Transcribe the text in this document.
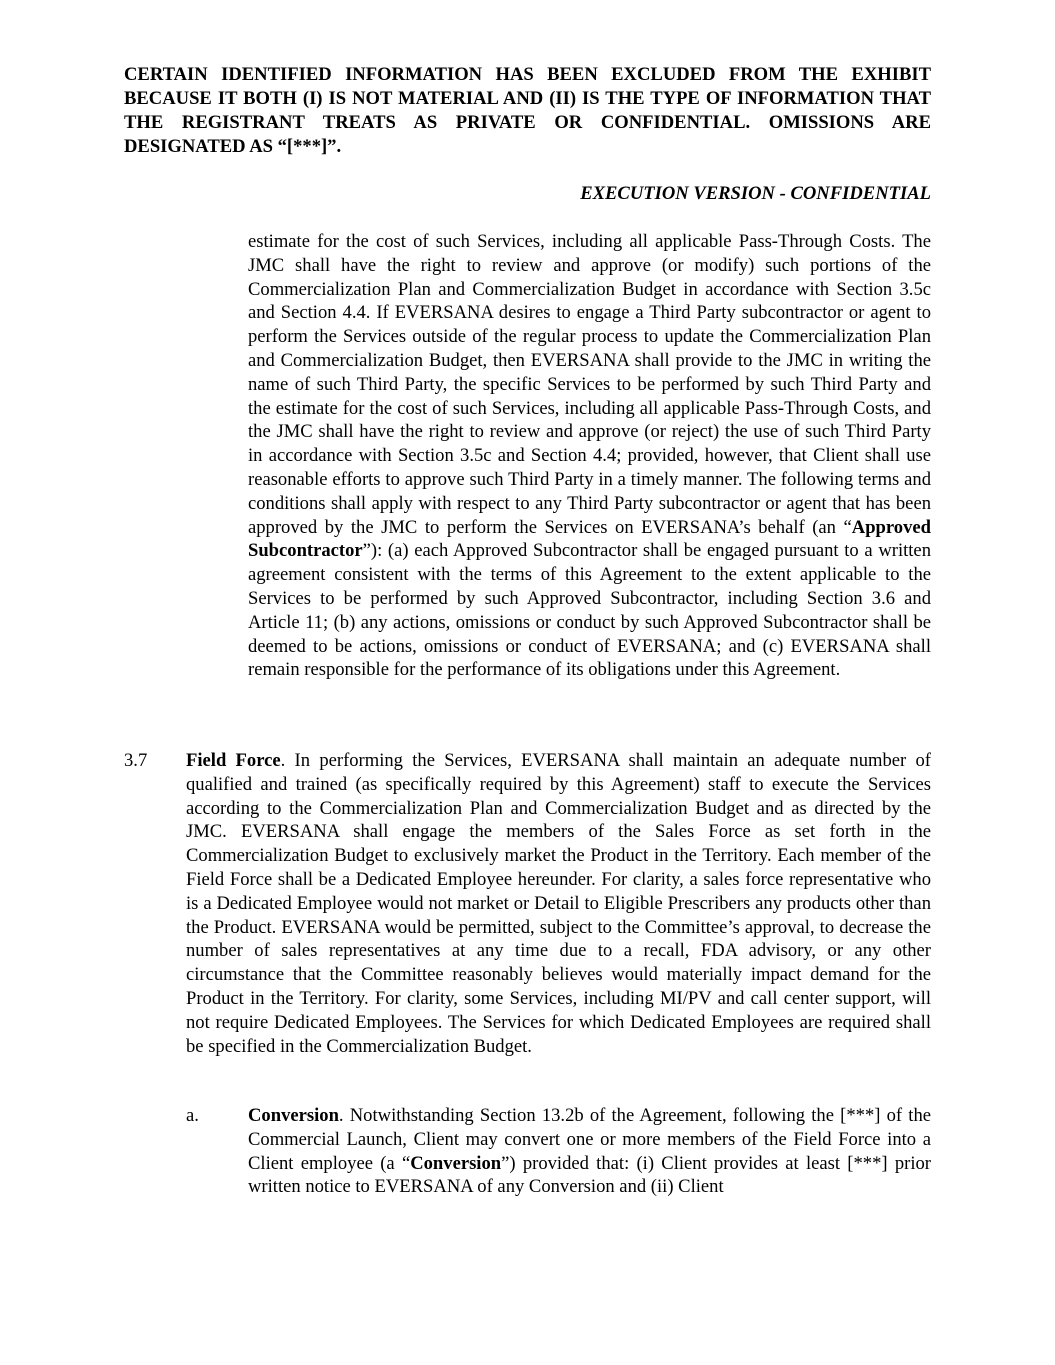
CERTAIN IDENTIFIED INFORMATION HAS BEEN EXCLUDED FROM THE EXHIBIT BECAUSE IT BOTH (I) IS NOT MATERIAL AND (II) IS THE TYPE OF INFORMATION THAT THE REGISTRANT TREATS AS PRIVATE OR CONFIDENTIAL. OMISSIONS ARE DESIGNATED AS “[***]”.
EXECUTION VERSION - CONFIDENTIAL

estimate for the cost of such Services, including all applicable Pass-Through Costs. The JMC shall have the right to review and approve (or modify) such portions of the Commercialization Plan and Commercialization Budget in accordance with Section 3.5c and Section 4.4. If EVERSANA desires to engage a Third Party subcontractor or agent to perform the Services outside of the regular process to update the Commercialization Plan and Commercialization Budget, then EVERSANA shall provide to the JMC in writing the name of such Third Party, the specific Services to be performed by such Third Party and the estimate for the cost of such Services, including all applicable Pass-Through Costs, and the JMC shall have the right to review and approve (or reject) the use of such Third Party in accordance with Section 3.5c and Section 4.4; provided, however, that Client shall use reasonable efforts to approve such Third Party in a timely manner. The following terms and conditions shall apply with respect to any Third Party subcontractor or agent that has been approved by the JMC to perform the Services on EVERSANA’s behalf (an “Approved Subcontractor”): (a) each Approved Subcontractor shall be engaged pursuant to a written agreement consistent with the terms of this Agreement to the extent applicable to the Services to be performed by such Approved Subcontractor, including Section 3.6 and Article 11; (b) any actions, omissions or conduct by such Approved Subcontractor shall be deemed to be actions, omissions or conduct of EVERSANA; and (c) EVERSANA shall remain responsible for the performance of its obligations under this Agreement.

3.7 Field Force. In performing the Services, EVERSANA shall maintain an adequate number of qualified and trained (as specifically required by this Agreement) staff to execute the Services according to the Commercialization Plan and Commercialization Budget and as directed by the JMC. EVERSANA shall engage the members of the Sales Force as set forth in the Commercialization Budget to exclusively market the Product in the Territory. Each member of the Field Force shall be a Dedicated Employee hereunder. For clarity, a sales force representative who is a Dedicated Employee would not market or Detail to Eligible Prescribers any products other than the Product. EVERSANA would be permitted, subject to the Committee’s approval, to decrease the number of sales representatives at any time due to a recall, FDA advisory, or any other circumstance that the Committee reasonably believes would materially impact demand for the Product in the Territory. For clarity, some Services, including MI/PV and call center support, will not require Dedicated Employees. The Services for which Dedicated Employees are required shall be specified in the Commercialization Budget.
a.	Conversion. Notwithstanding Section 13.2b of the Agreement, following the [***] of the Commercial Launch, Client may convert one or more members of the Field Force into a Client employee (a “Conversion”) provided that: (i) Client provides at least [***] prior written notice to EVERSANA of any Conversion and (ii) Client
